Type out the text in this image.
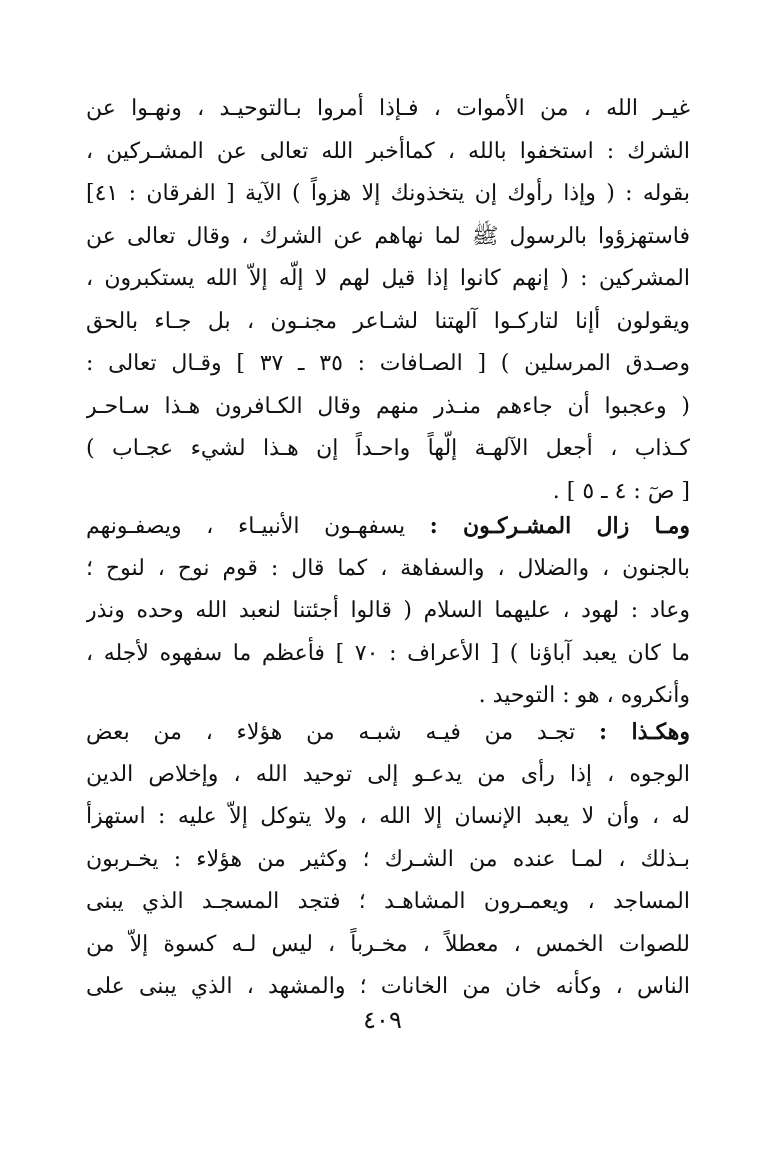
غيـر الله ، من الأموات ، فـإذا أمروا بـالتوحيـد ، ونهـوا عن
الشرك : استخفوا بالله ، كماأخبر الله تعالى عن المشـركين ،
بقوله : ( وإذا رأوك إن يتخذونك إلا هزواً ) الآية [ الفرقان : ٤١]
فاستهزؤوا بالرسول ﷺ لما نهاهم عن الشرك ، وقال تعالى عن
المشركين : ( إنهم كانوا إذا قيل لهم لا إلّه إلاّ الله يستكبرون ،
ويقولون أإنا لتاركـوا آلهتنا لشـاعر مجنـون ، بل جـاء بالحق
وصـدق المرسلين ) [ الصـافات : ٣٥ ـ ٣٧ ] وقـال تعالى :
( وعجبوا أن جاءهم منـذر منهم وقال الكـافرون هـذا سـاحـر
كـذاب ، أجعل الآلهـة إلّهاً واحـداً إن هـذا لشيء عجـاب )
[ صٓ : ٤ ـ ٥ ] .
ومـا زال المشـركـون : يسفهـون الأنبيـاء ، ويصفـونهم
بالجنون ، والضلال ، والسفاهة ، كما قال : قوم نوح ، لنوح ؛
وعاد : لهود ، عليهما السلام ( قالوا أجئتنا لنعبد الله وحده ونذر
ما كان يعبد آباؤنا ) [ الأعراف : ٧٠ ] فأعظم ما سفهوه لأجله ،
وأنكروه ، هو : التوحيد .
وهكـذا : تجـد من فيـه شبـه من هؤلاء ، من بعض
الوجوه ، إذا رأى من يدعـو إلى توحيد الله ، وإخلاص الدين
له ، وأن لا يعبد الإنسان إلا الله ، ولا يتوكل إلاّ عليه : استهزأ
بـذلك ، لمـا عنده من الشـرك ؛ وكثير من هؤلاء : يخـربون
المساجد ، ويعمـرون المشاهـد ؛ فتجد المسجـد الذي يبنى
للصوات الخمس ، معطلاً ، مخـرباً ، ليس لـه كسوة إلاّ من
الناس ، وكأنه خان من الخانات ؛ والمشهد ، الذي يبنى على
٤٠٩
